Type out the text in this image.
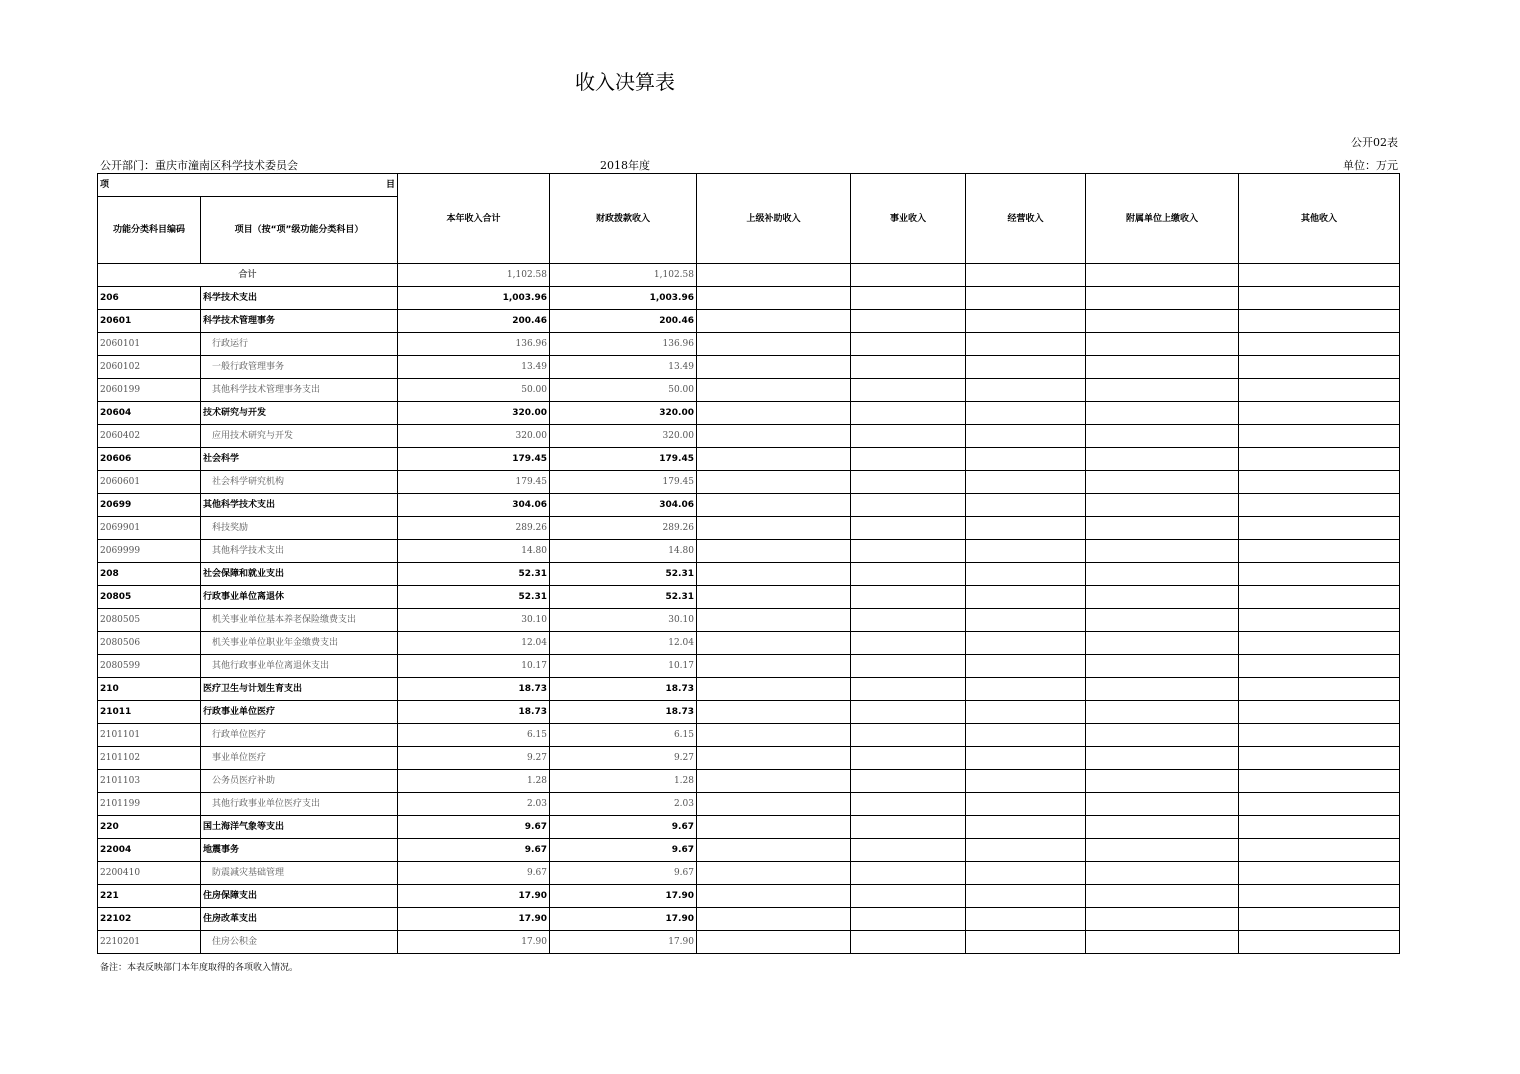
收入决算表
公开02表
公开部门：重庆市潼南区科学技术委员会	2018年度	单位：万元
项 目		本年收入合计	财政拨款收入	上级补助收入	事业收入	经营收入	附属单位上缴收入	其他收入
功能分类科目编码	项目（按“项”级功能分类科目）							
合计		1,102.58	1,102.58					
206	科学技术支出	1,003.96	1,003.96					
20601	科学技术管理事务	200.46	200.46					
2060101	行政运行	136.96	136.96					
2060102	一般行政管理事务	13.49	13.49					
2060199	其他科学技术管理事务支出	50.00	50.00					
20604	技术研究与开发	320.00	320.00					
2060402	应用技术研究与开发	320.00	320.00					
20606	社会科学	179.45	179.45					
2060601	社会科学研究机构	179.45	179.45					
20699	其他科学技术支出	304.06	304.06					
2069901	科技奖励	289.26	289.26					
2069999	其他科学技术支出	14.80	14.80					
208	社会保障和就业支出	52.31	52.31					
20805	行政事业单位离退休	52.31	52.31					
2080505	机关事业单位基本养老保险缴费支出	30.10	30.10					
2080506	机关事业单位职业年金缴费支出	12.04	12.04					
2080599	其他行政事业单位离退休支出	10.17	10.17					
210	医疗卫生与计划生育支出	18.73	18.73					
21011	行政事业单位医疗	18.73	18.73					
2101101	行政单位医疗	6.15	6.15					
2101102	事业单位医疗	9.27	9.27					
2101103	公务员医疗补助	1.28	1.28					
2101199	其他行政事业单位医疗支出	2.03	2.03					
220	国土海洋气象等支出	9.67	9.67					
22004	地震事务	9.67	9.67					
2200410	防震减灾基础管理	9.67	9.67					
221	住房保障支出	17.90	17.90					
22102	住房改革支出	17.90	17.90					
2210201	住房公积金	17.90	17.90					
备注：本表反映部门本年度取得的各项收入情况。
